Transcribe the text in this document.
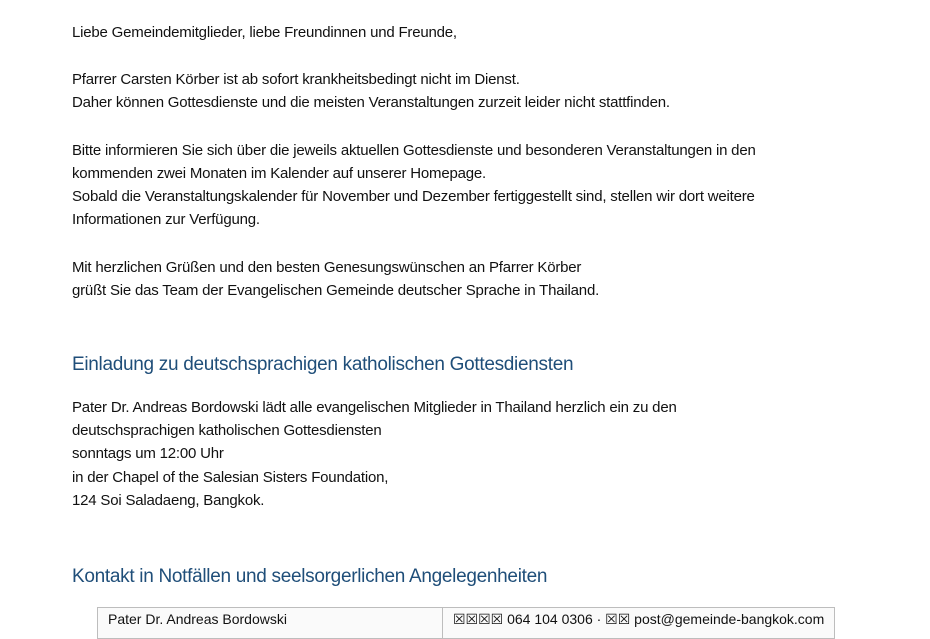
Liebe Gemeindemitglieder, liebe Freundinnen und Freunde,
Pfarrer Carsten Körber ist ab sofort krankheitsbedingt nicht im Dienst.
Daher können Gottesdienste und die meisten Veranstaltungen zurzeit leider nicht stattfinden.
Bitte informieren Sie sich über die jeweils aktuellen Gottesdienste und besonderen Veranstaltungen in den
kommenden zwei Monaten im Kalender auf unserer Homepage.
Sobald die Veranstaltungskalender für November und Dezember fertiggestellt sind, stellen wir dort weitere
Informationen zur Verfügung.
Mit herzlichen Grüßen und den besten Genesungswünschen an Pfarrer Körber
grüßt Sie das Team der Evangelischen Gemeinde deutscher Sprache in Thailand.
Einladung zu deutschsprachigen katholischen Gottesdiensten
Pater Dr. Andreas Bordowski lädt alle evangelischen Mitglieder in Thailand herzlich ein zu den
deutschsprachigen katholischen Gottesdiensten
sonntags um 12:00 Uhr
in der Chapel of the Salesian Sisters Foundation,
124 Soi Saladaeng, Bangkok.
Kontakt in Notfällen und seelsorgerlichen Angelegenheiten
Pater Dr. Andreas Bordowski	☒☒☒☒ 064 104 0306 · ☒☒ post@gemeinde-bangkok.com
